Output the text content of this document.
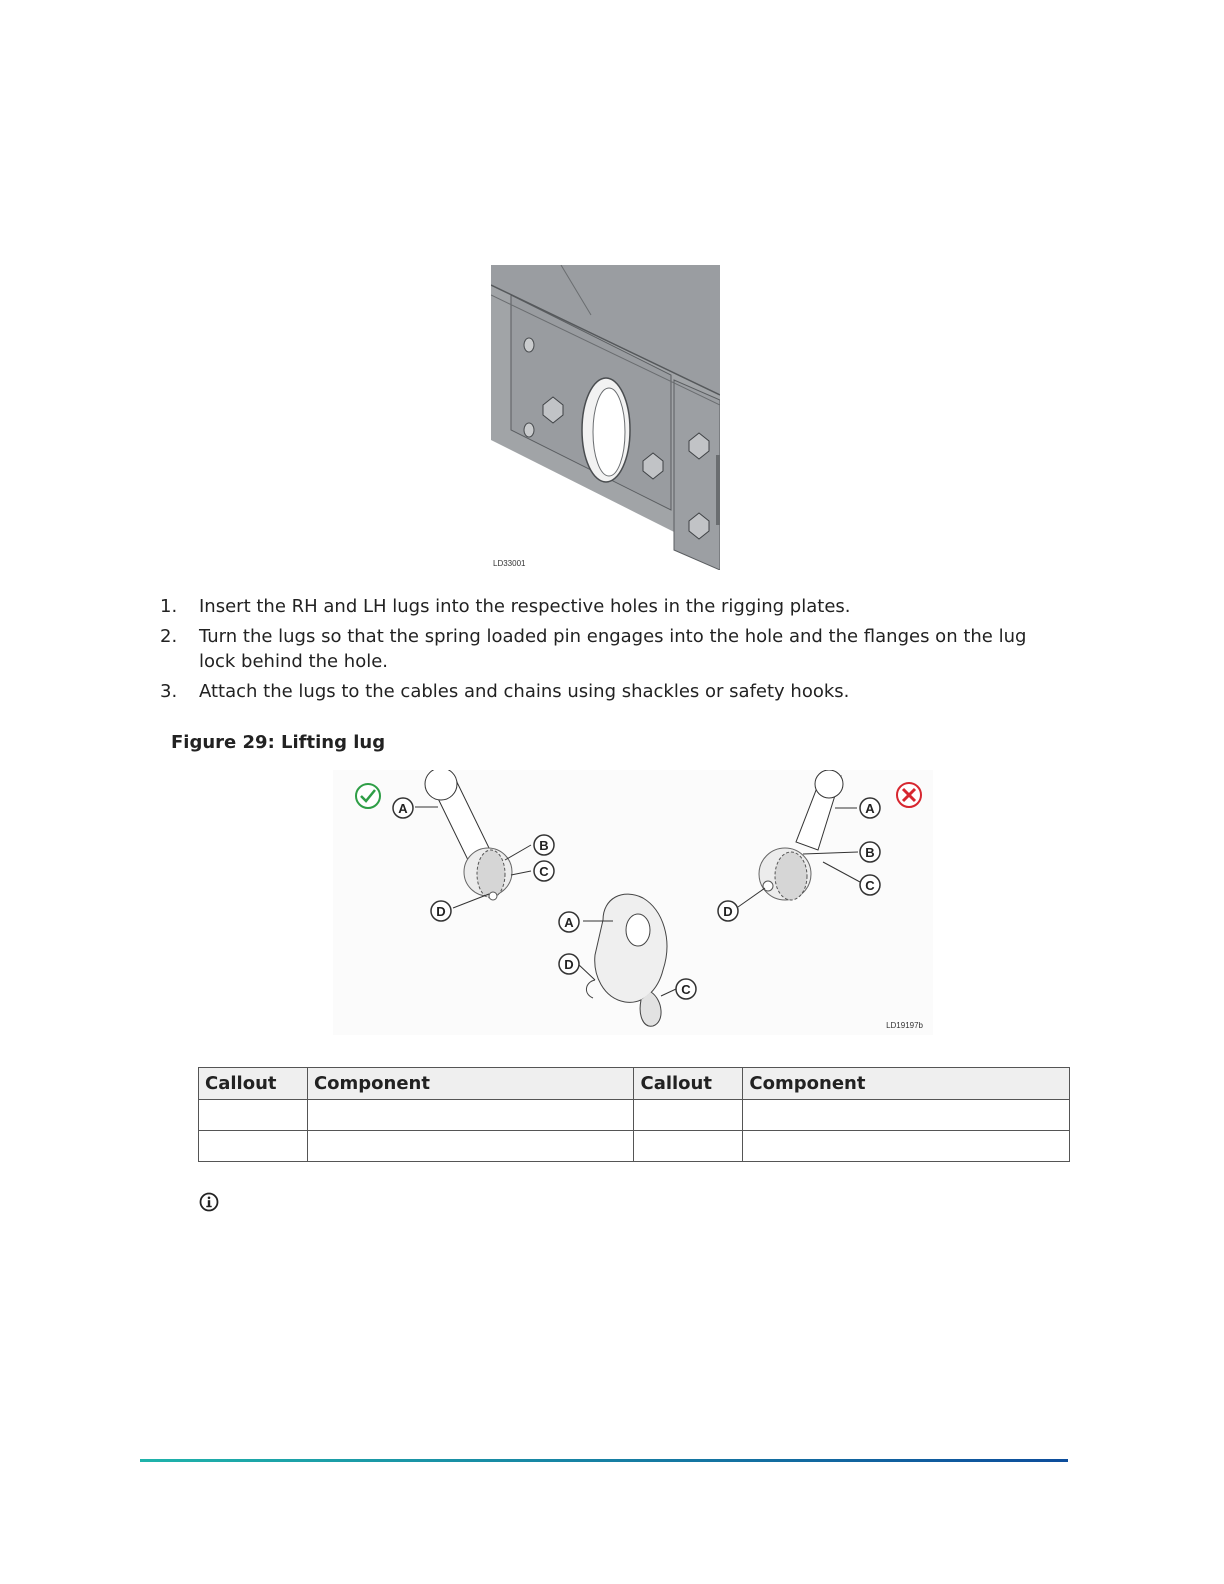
LD33001
1. Insert the RH and LH lugs into the respective holes in the rigging plates.
2. Turn the lugs so that the spring loaded pin engages into the hole and the flanges on the lug lock behind the hole.
3. Attach the lugs to the cables and chains using shackles or safety hooks.
Figure 29: Lifting lug
A
B
C
D
A
D
C
A
B
C
D
LD19197b
Callout	Component	Callout	Component
